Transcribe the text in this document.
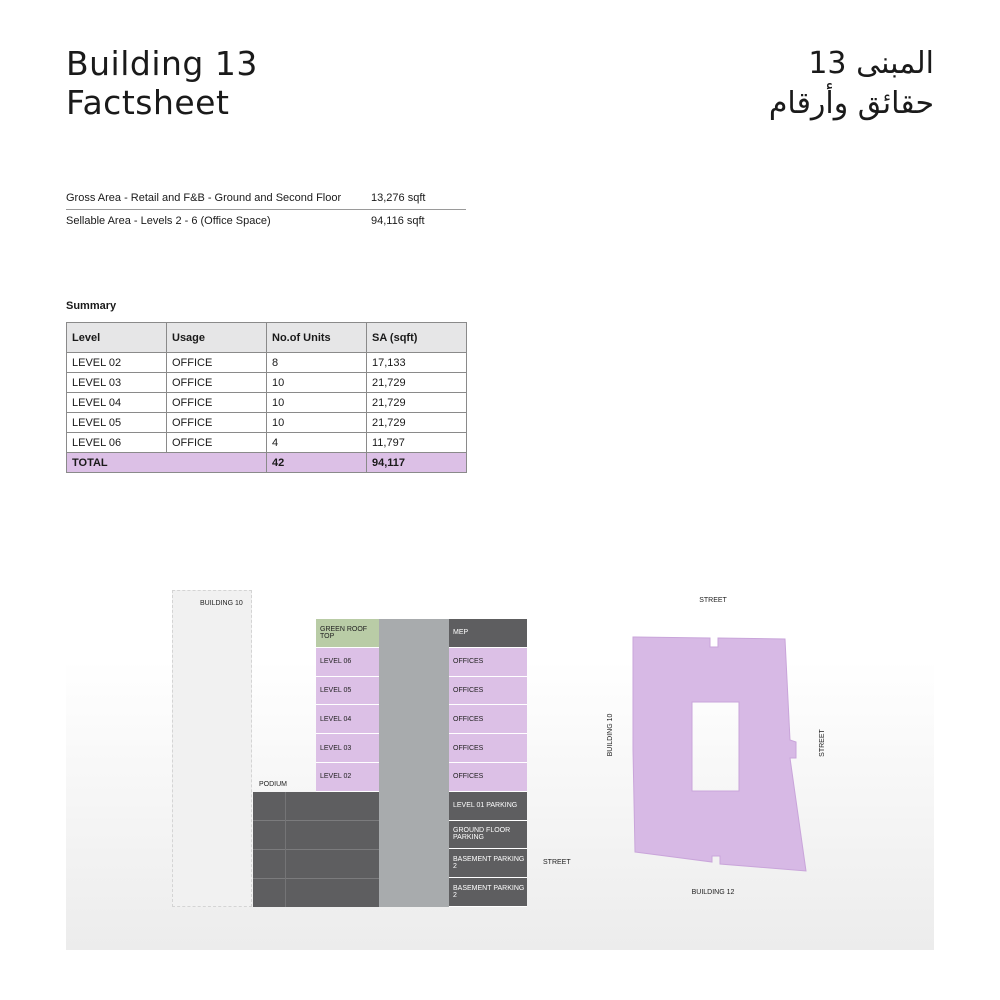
Building 13
Factsheet
المبنى 13
حقائق وأرقام
Gross Area - Retail and F&B - Ground and Second Floor	13,276 sqft
Sellable Area - Levels 2 - 6 (Office Space)	94,116 sqft
Summary
Level	Usage	No.of Units	SA (sqft)
LEVEL 02	OFFICE	8	17,133
LEVEL 03	OFFICE	10	21,729
LEVEL 04	OFFICE	10	21,729
LEVEL 05	OFFICE	10	21,729
LEVEL 06	OFFICE	4	11,797
TOTAL		42	94,117
BUILDING 10
PODIUM
GREEN ROOF TOP
LEVEL 06
LEVEL 05
LEVEL 04
LEVEL 03
LEVEL 02
MEP
OFFICES
OFFICES
OFFICES
OFFICES
OFFICES
LEVEL 01 PARKING
GROUND FLOOR PARKING
BASEMENT PARKING 2
BASEMENT PARKING 2
STREET
STREET
BUILDING 12
BUILDING 10	STREET
